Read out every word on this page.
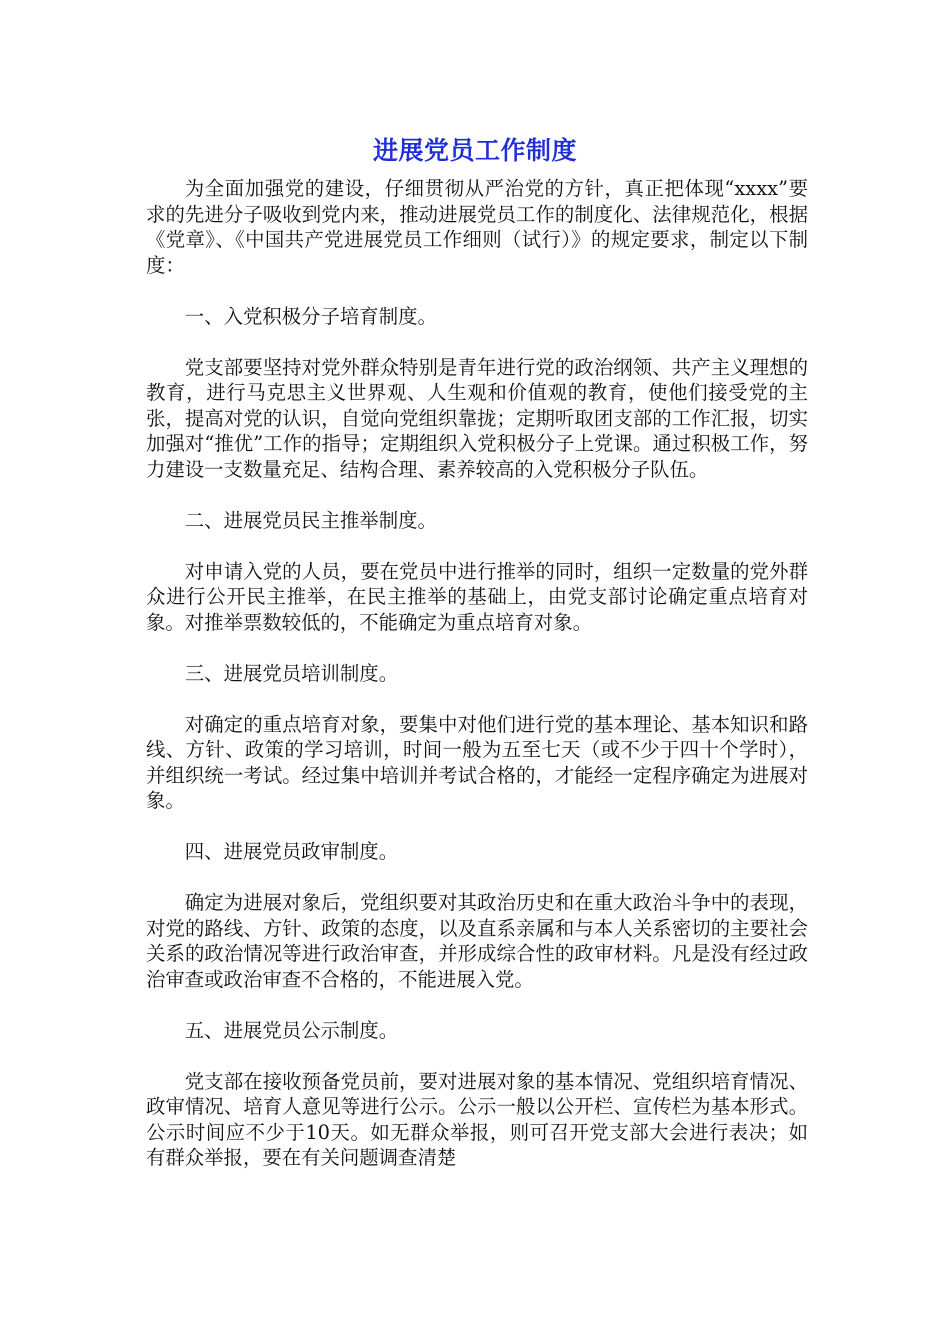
进展党员工作制度

为全面加强党的建设，仔细贯彻从严治党的方针，真正把体现“xxxx”要求的先进分子吸收到党内来，推动进展党员工作的制度化、法律规范化，根据《党章》、《中国共产党进展党员工作细则（试行）》的规定要求，制定以下制度：

一、入党积极分子培育制度。

党支部要坚持对党外群众特别是青年进行党的政治纲领、共产主义理想的教育，进行马克思主义世界观、人生观和价值观的教育，使他们接受党的主张，提高对党的认识，自觉向党组织靠拢；定期听取团支部的工作汇报，切实加强对“推优”工作的指导；定期组织入党积极分子上党课。通过积极工作，努力建设一支数量充足、结构合理、素养较高的入党积极分子队伍。

二、进展党员民主推举制度。

对申请入党的人员，要在党员中进行推举的同时，组织一定数量的党外群众进行公开民主推举，在民主推举的基础上，由党支部讨论确定重点培育对象。对推举票数较低的，不能确定为重点培育对象。

三、进展党员培训制度。

对确定的重点培育对象，要集中对他们进行党的基本理论、基本知识和路线、方针、政策的学习培训，时间一般为五至七天（或不少于四十个学时），并组织统一考试。经过集中培训并考试合格的，才能经一定程序确定为进展对象。

四、进展党员政审制度。

确定为进展对象后，党组织要对其政治历史和在重大政治斗争中的表现，对党的路线、方针、政策的态度，以及直系亲属和与本人关系密切的主要社会关系的政治情况等进行政治审查，并形成综合性的政审材料。凡是没有经过政治审查或政治审查不合格的，不能进展入党。

五、进展党员公示制度。

党支部在接收预备党员前，要对进展对象的基本情况、党组织培育情况、政审情况、培育人意见等进行公示。公示一般以公开栏、宣传栏为基本形式。公示时间应不少于10天。如无群众举报，则可召开党支部大会进行表决；如有群众举报，要在有关问题调查清楚
